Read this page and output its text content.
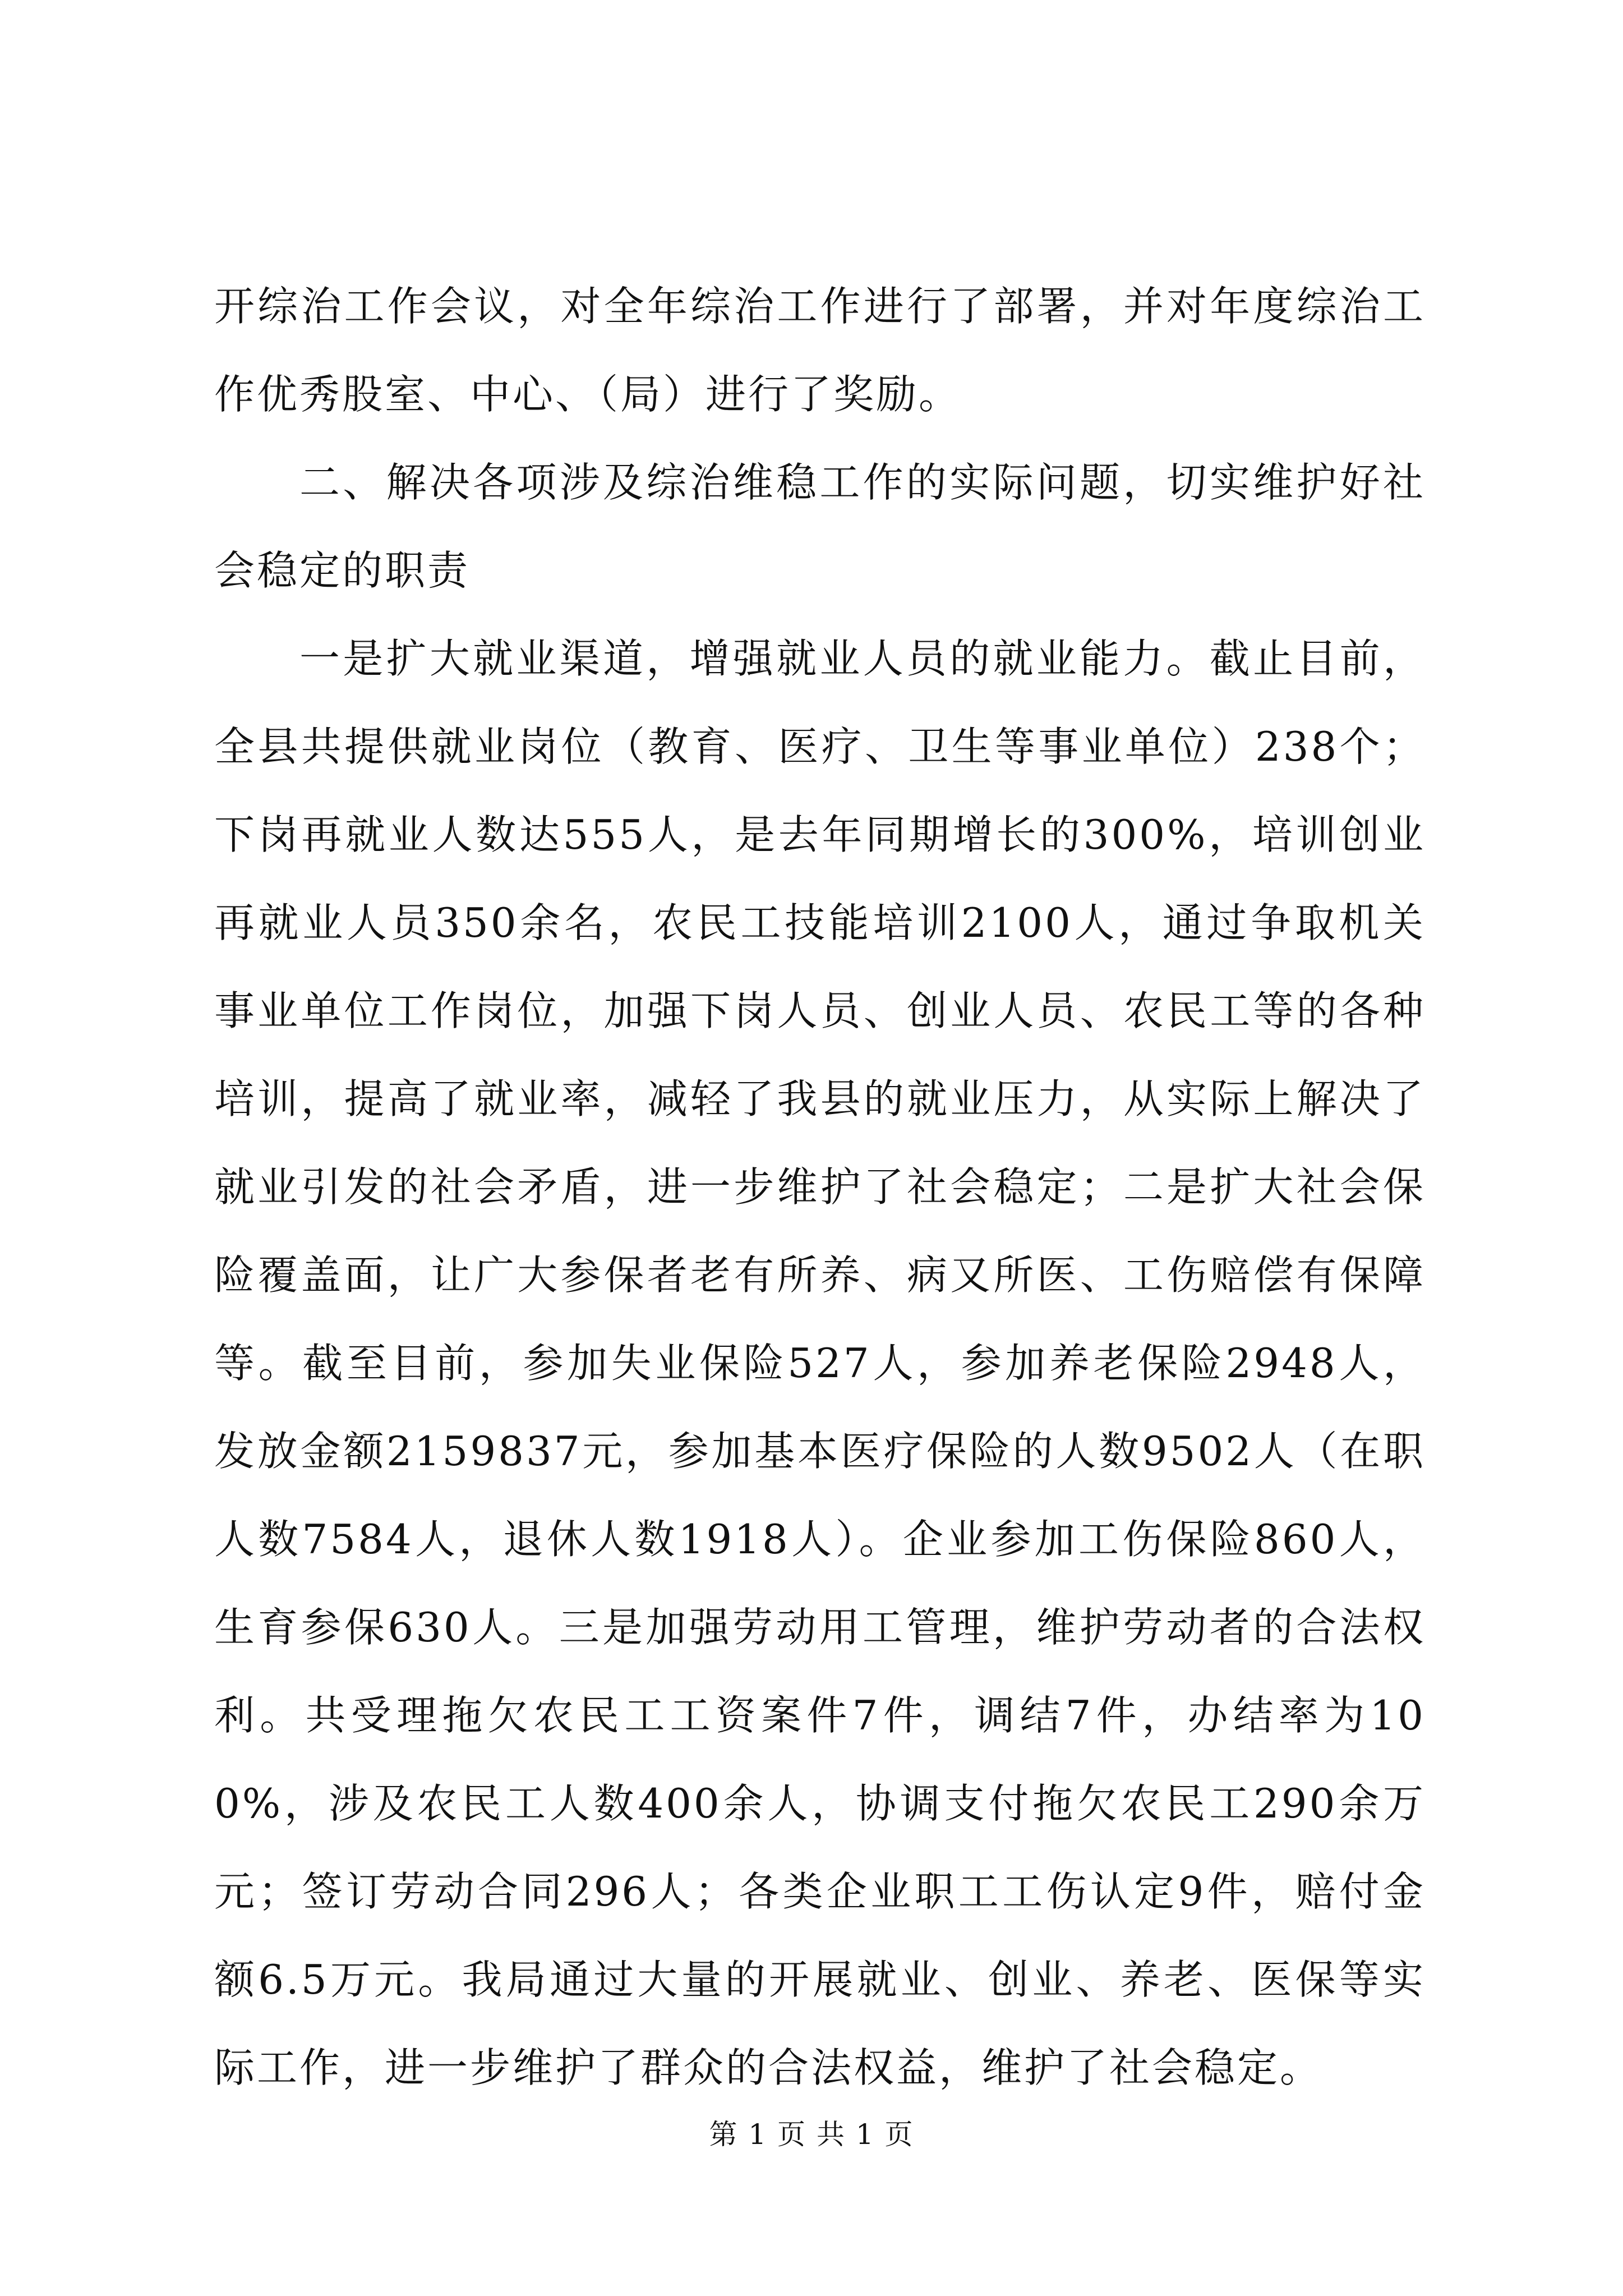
开综治工作会议，对全年综治工作进行了部署，并对年度综治工作优秀股室、中心、（局）进行了奖励。

二、解决各项涉及综治维稳工作的实际问题，切实维护好社会稳定的职责

一是扩大就业渠道，增强就业人员的就业能力。截止目前，全县共提供就业岗位（教育、医疗、卫生等事业单位）238个；下岗再就业人数达555人，是去年同期增长的300%，培训创业再就业人员350余名，农民工技能培训2100人，通过争取机关事业单位工作岗位，加强下岗人员、创业人员、农民工等的各种培训，提高了就业率，减轻了我县的就业压力，从实际上解决了就业引发的社会矛盾，进一步维护了社会稳定；二是扩大社会保险覆盖面，让广大参保者老有所养、病又所医、工伤赔偿有保障等。截至目前，参加失业保险527人，参加养老保险2948人，发放金额2159837元，参加基本医疗保险的人数9502人（在职人数7584人，退休人数1918人）。企业参加工伤保险860人，生育参保630人。三是加强劳动用工管理，维护劳动者的合法权利。共受理拖欠农民工工资案件7件，调结7件，办结率为100%，涉及农民工人数400余人，协调支付拖欠农民工290余万元；签订劳动合同296人；各类企业职工工伤认定9件，赔付金额6.5万元。我局通过大量的开展就业、创业、养老、医保等实际工作，进一步维护了群众的合法权益，维护了社会稳定。

第 1 页 共 1 页
